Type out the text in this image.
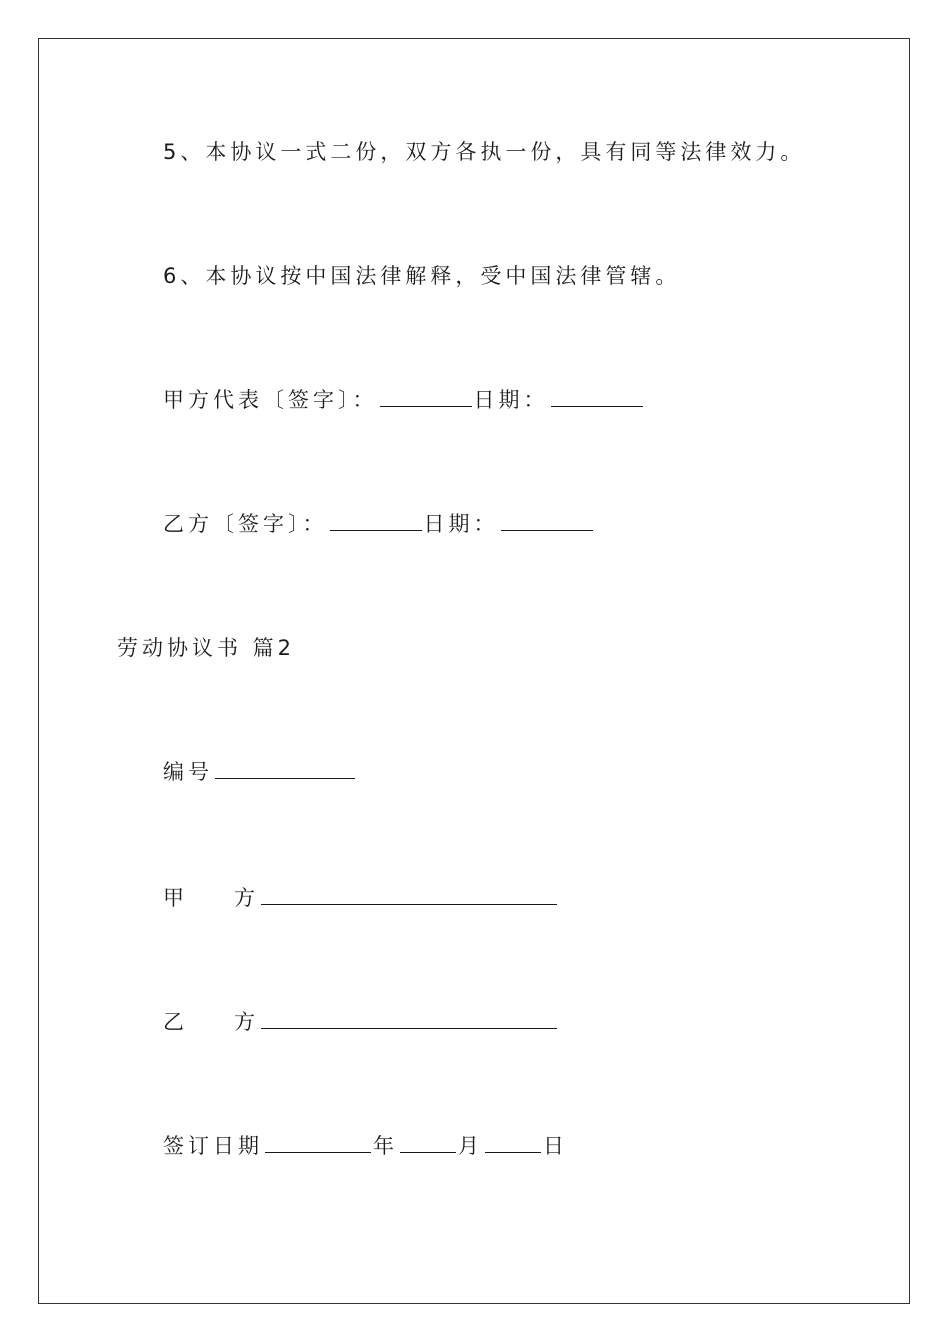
5、本协议一式二份，双方各执一份，具有同等法律效力。
6、本协议按中国法律解释，受中国法律管辖。
甲方代表〔签字〕：	日期：
乙方〔签字〕：	日期：
劳动协议书 篇2
编号
甲 方
乙 方
签订日期	年	月	日
